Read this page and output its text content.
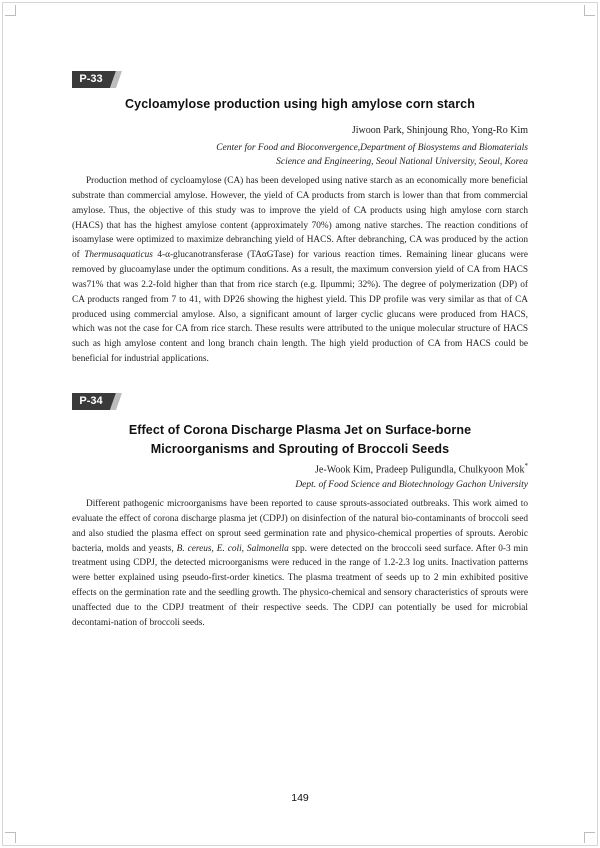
P-33
Cycloamylose production using high amylose corn starch
Jiwoon Park, Shinjoung Rho, Yong-Ro Kim
Center for Food and Bioconvergence,Department of Biosystems and Biomaterials
Science and Engineering, Seoul National University, Seoul, Korea

Production method of cycloamylose (CA) has been developed using native starch as an economically more beneficial substrate than commercial amylose. However, the yield of CA products from starch is lower than that from commercial amylose. Thus, the objective of this study was to improve the yield of CA products using high amylose corn starch (HACS) that has the highest amylose content (approximately 70%) among native starches. The reaction conditions of isoamylase were optimized to maximize debranching yield of HACS. After debranching, CA was produced by the action of Thermusaquaticus 4-α-glucanotransferase (TAαGTase) for various reaction times. Remaining linear glucans were removed by glucoamylase under the optimum conditions. As a result, the maximum conversion yield of CA from HACS was71% that was 2.2-fold higher than that from rice starch (e.g. Ilpummi; 32%). The degree of polymerization (DP) of CA products ranged from 7 to 41, with DP26 showing the highest yield. This DP profile was very similar as that of CA produced using commercial amylose. Also, a significant amount of larger cyclic glucans were produced from HACS, which was not the case for CA from rice starch. These results were attributed to the unique molecular structure of HACS such as high amylose content and long branch chain length. The high yield production of CA from HACS could be beneficial for industrial applications.

P-34
Effect of Corona Discharge Plasma Jet on Surface-borne
Microorganisms and Sprouting of Broccoli Seeds
Je-Wook Kim, Pradeep Puligundla, Chulkyoon Mok*
Dept. of Food Science and Biotechnology Gachon University

Different pathogenic microorganisms have been reported to cause sprouts-associated outbreaks. This work aimed to evaluate the effect of corona discharge plasma jet (CDPJ) on disinfection of the natural bio-contaminants of broccoli seed and also studied the plasma effect on sprout seed germination rate and physico-chemical properties of sprouts. Aerobic bacteria, molds and yeasts, B. cereus, E. coli, Salmonella spp. were detected on the broccoli seed surface. After 0-3 min treatment using CDPJ, the detected microorganisms were reduced in the range of 1.2-2.3 log units. Inactivation patterns were better explained using pseudo-first-order kinetics. The plasma treatment of seeds up to 2 min exhibited positive effects on the germination rate and the seedling growth. The physico-chemical and sensory characteristics of sprouts were unaffected due to the CDPJ treatment of their respective seeds. The CDPJ can potentially be used for microbial decontami-nation of broccoli seeds.

149
